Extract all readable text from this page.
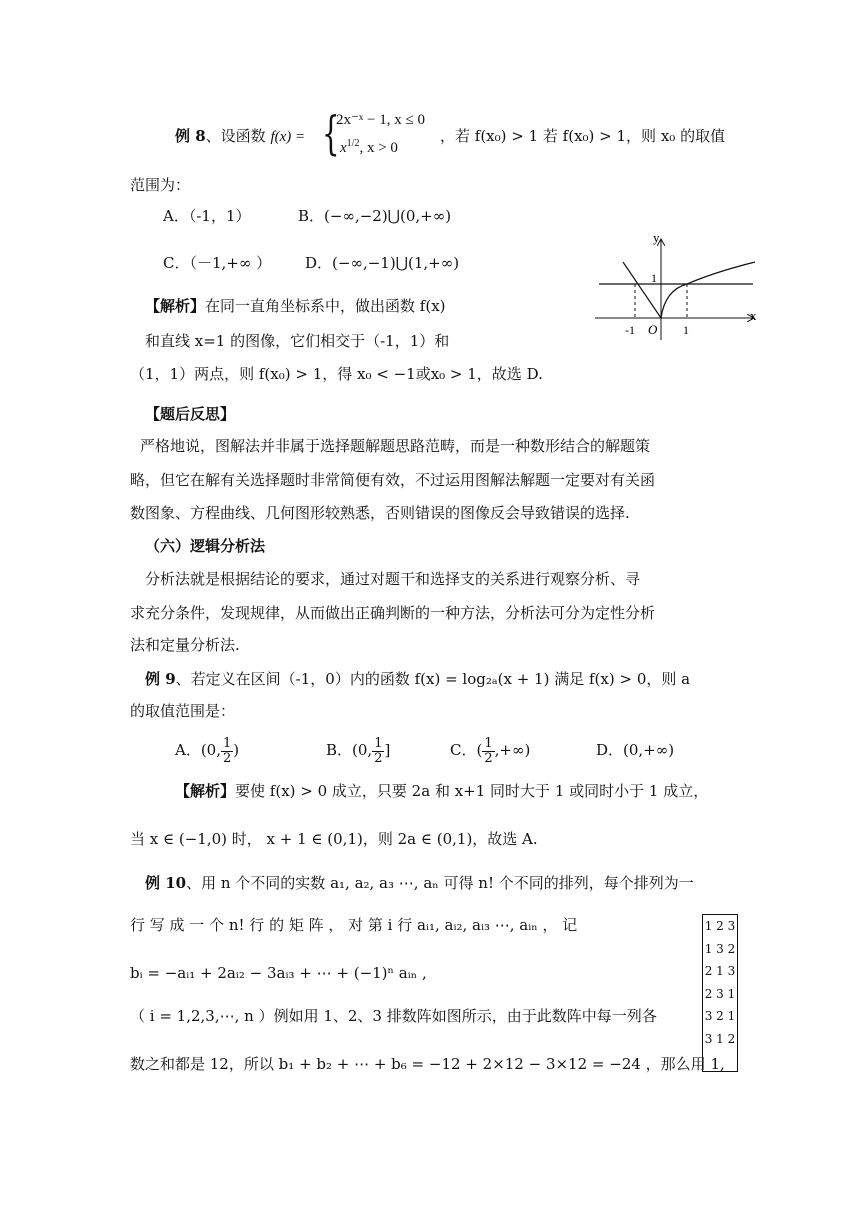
例 8、设函数 f(x) = {
2x⁻ˣ − 1, x ≤ 0
$x^{1/2}$, x > 0
，若 f(x₀) > 1 若 f(x₀) > 1，则 x₀ 的取值
范围为：
A．（-1，1）	B．(−∞,−2)⋃(0,+∞)
C．（－1,+∞ ） D．(−∞,−1)⋃(1,+∞)
x
y
O
-1	1
1
【解析】在同一直角坐标系中，做出函数 f(x)
和直线 x=1 的图像，它们相交于（-1，1）和
（1，1）两点，则 f(x₀) > 1，得 x₀ < −1或x₀ > 1，故选 D.
【题后反思】
严格地说，图解法并非属于选择题解题思路范畴，而是一种数形结合的解题策
略，但它在解有关选择题时非常简便有效，不过运用图解法解题一定要对有关函
数图象、方程曲线、几何图形较熟悉，否则错误的图像反会导致错误的选择.
（六）逻辑分析法
分析法就是根据结论的要求，通过对题干和选择支的关系进行观察分析、寻
求充分条件，发现规律，从而做出正确判断的一种方法，分析法可分为定性分析
法和定量分析法.
例 9、若定义在区间（-1，0）内的函数 f(x) = log₂ₐ(x + 1) 满足 f(x) > 0，则 a
的取值范围是：
A．(0, $\frac{1}{2}$ )	B．(0, $\frac{1}{2}$ ]	C．( $\frac{1}{2}$ ,+∞)	D．(0,+∞)
【解析】要使 f(x) > 0 成立，只要 2a 和 x+1 同时大于 1 或同时小于 1 成立，
当 x ∈ (−1,0) 时， x + 1 ∈ (0,1)，则 2a ∈ (0,1)，故选 A.
例 10、用 n 个不同的实数 a₁, a₂, a₃ ⋯, aₙ 可得 n! 个不同的排列，每个排列为一
行 写 成 一 个 n! 行 的 矩 阵 ， 对 第 i 行 aᵢ₁, aᵢ₂, aᵢ₃ ⋯, aᵢₙ ， 记
bᵢ = −aᵢ₁ + 2aᵢ₂ − 3aᵢ₃ + ⋯ + (−1)ⁿ aᵢₙ ,
（ i = 1,2,3,⋯, n ）例如用 1、2、3 排数阵如图所示，由于此数阵中每一列各
数之和都是 12，所以 b₁ + b₂ + ⋯ + b₆ = −12 + 2×12 − 3×12 = −24 ，那么用 1,
1 2 3
1 3 2
2 1 3
2 3 1
3 2 1
3 1 2
